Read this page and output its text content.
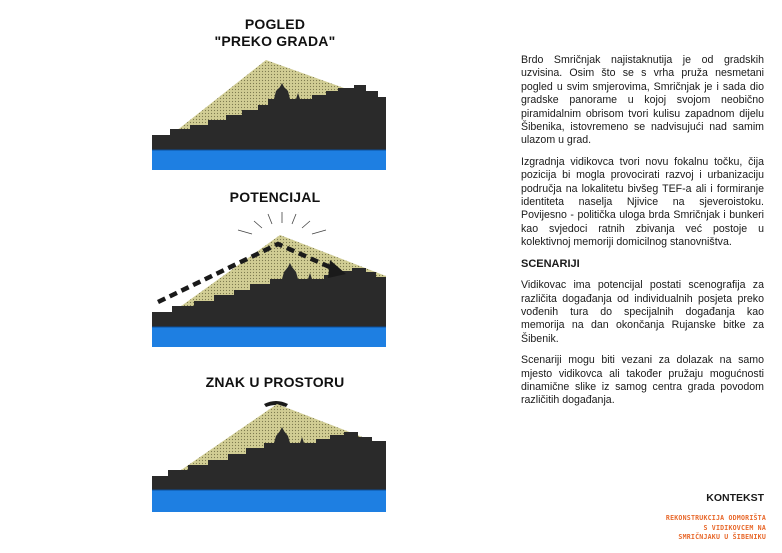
POGLED
"PREKO GRADA"
POTENCIJAL
ZNAK U PROSTORU

Brdo Smričnjak najistaknutija je od gradskih uzvisina. Osim što se s vrha pruža nesmetani pogled u svim smjerovima, Smričnjak je i sada dio gradske panorame u kojoj svojom neobično piramidalnim obrisom tvori kulisu zapadnom dijelu Šibenika, istovremeno se nadvisujući nad samim ulazom u grad.

Izgradnja vidikovca tvori novu fokalnu točku, čija pozicija bi mogla provocirati razvoj i urbanizaciju područja na lokalitetu bivšeg TEF-a ali i formiranje identiteta naselja Njivice na sjeveroistoku. Povijesno - politička uloga brda Smričnjak i bunkeri kao svjedoci ratnih zbivanja već postoje u kolektivnoj memoriji domicilnog stanovništva.

SCENARIJI

Vidikovac ima potencijal postati scenografija za različita događanja od individualnih posjeta preko vođenih tura do specijalnih događanja kao memorija na dan okončanja Rujanske bitke za Šibenik.

Scenariji mogu biti vezani za dolazak na samo mjesto vidikovca ali također pružaju mogućnosti dinamične slike iz samog centra grada povodom različitih događanja.

KONTEKST
REKONSTRUKCIJA ODMORIŠTA
S VIDIKOVCEM NA
SMRIČNJAKU U ŠIBENIKU
